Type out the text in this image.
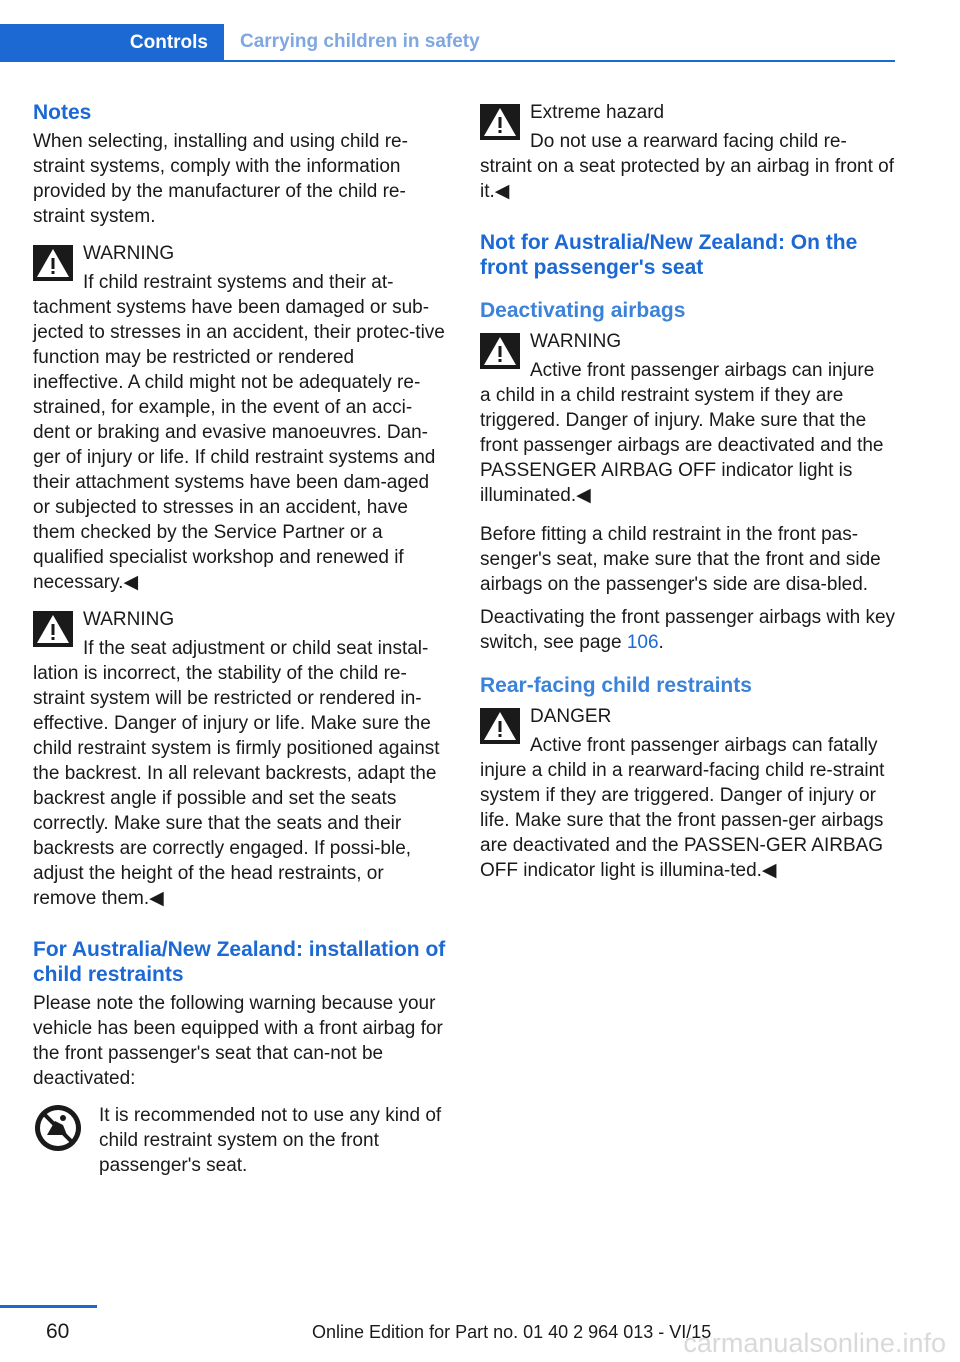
Controls	Carrying children in safety
Notes

When selecting, installing and using child re-straint systems, comply with the information provided by the manufacturer of the child re-straint system.

WARNING

If child restraint systems and their at-
tachment systems have been damaged or sub-jected to stresses in an accident, their protec-tive function may be restricted or rendered ineffective. A child might not be adequately re-strained, for example, in the event of an acci-dent or braking and evasive manoeuvres. Dan-ger of injury or life. If child restraint systems and their attachment systems have been dam-aged or subjected to stresses in an accident, have them checked by the Service Partner or a qualified specialist workshop and renewed if necessary.◀

WARNING

If the seat adjustment or child seat instal-
lation is incorrect, the stability of the child re-straint system will be restricted or rendered in-effective. Danger of injury or life. Make sure the child restraint system is firmly positioned against the backrest. In all relevant backrests, adapt the backrest angle if possible and set the seats correctly. Make sure that the seats and their backrests are correctly engaged. If possi-ble, adjust the height of the head restraints, or remove them.◀

For Australia/New Zealand: installation of child restraints

Please note the following warning because your vehicle has been equipped with a front airbag for the front passenger's seat that can-not be deactivated:

It is recommended not to use any kind of child restraint system on the front passenger's seat.

Extreme hazard

Do not use a rearward facing child re-
straint on a seat protected by an airbag in front of it.◀

Not for Australia/New Zealand: On the front passenger's seat
Deactivating airbags

WARNING

Active front passenger airbags can injure
a child in a child restraint system if they are triggered. Danger of injury. Make sure that the front passenger airbags are deactivated and the PASSENGER AIRBAG OFF indicator light is illuminated.◀

Before fitting a child restraint in the front pas-senger's seat, make sure that the front and side airbags on the passenger's side are disa-bled.

Deactivating the front passenger airbags with key switch, see page 106.

Rear-facing child restraints

DANGER

Active front passenger airbags can fatally
injure a child in a rearward-facing child re-straint system if they are triggered. Danger of injury or life. Make sure that the front passen-ger airbags are deactivated and the PASSEN-GER AIRBAG OFF indicator light is illumina-ted.◀

60	Online Edition for Part no. 01 40 2 964 013 - VI/15
carmanualsonline.info
